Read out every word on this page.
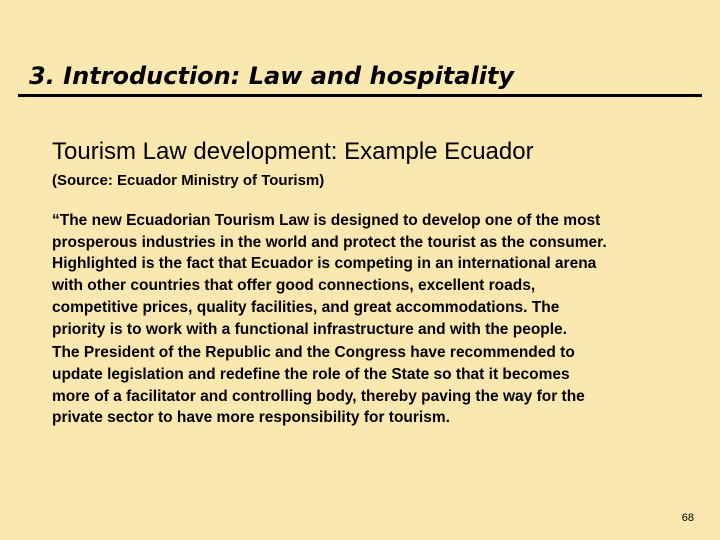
3. Introduction: Law and hospitality
Tourism Law development: Example Ecuador

(Source: Ecuador Ministry of Tourism)

“The new Ecuadorian Tourism Law is designed to develop one of the most
prosperous industries in the world and protect the tourist as the consumer.
Highlighted is the fact that Ecuador is competing in an international arena
with other countries that offer good connections, excellent roads,
competitive prices, quality facilities, and great accommodations. The
priority is to work with a functional infrastructure and with the people.

The President of the Republic and the Congress have recommended to
update legislation and redefine the role of the State so that it becomes
more of a facilitator and controlling body, thereby paving the way for the
private sector to have more responsibility for tourism.

68
